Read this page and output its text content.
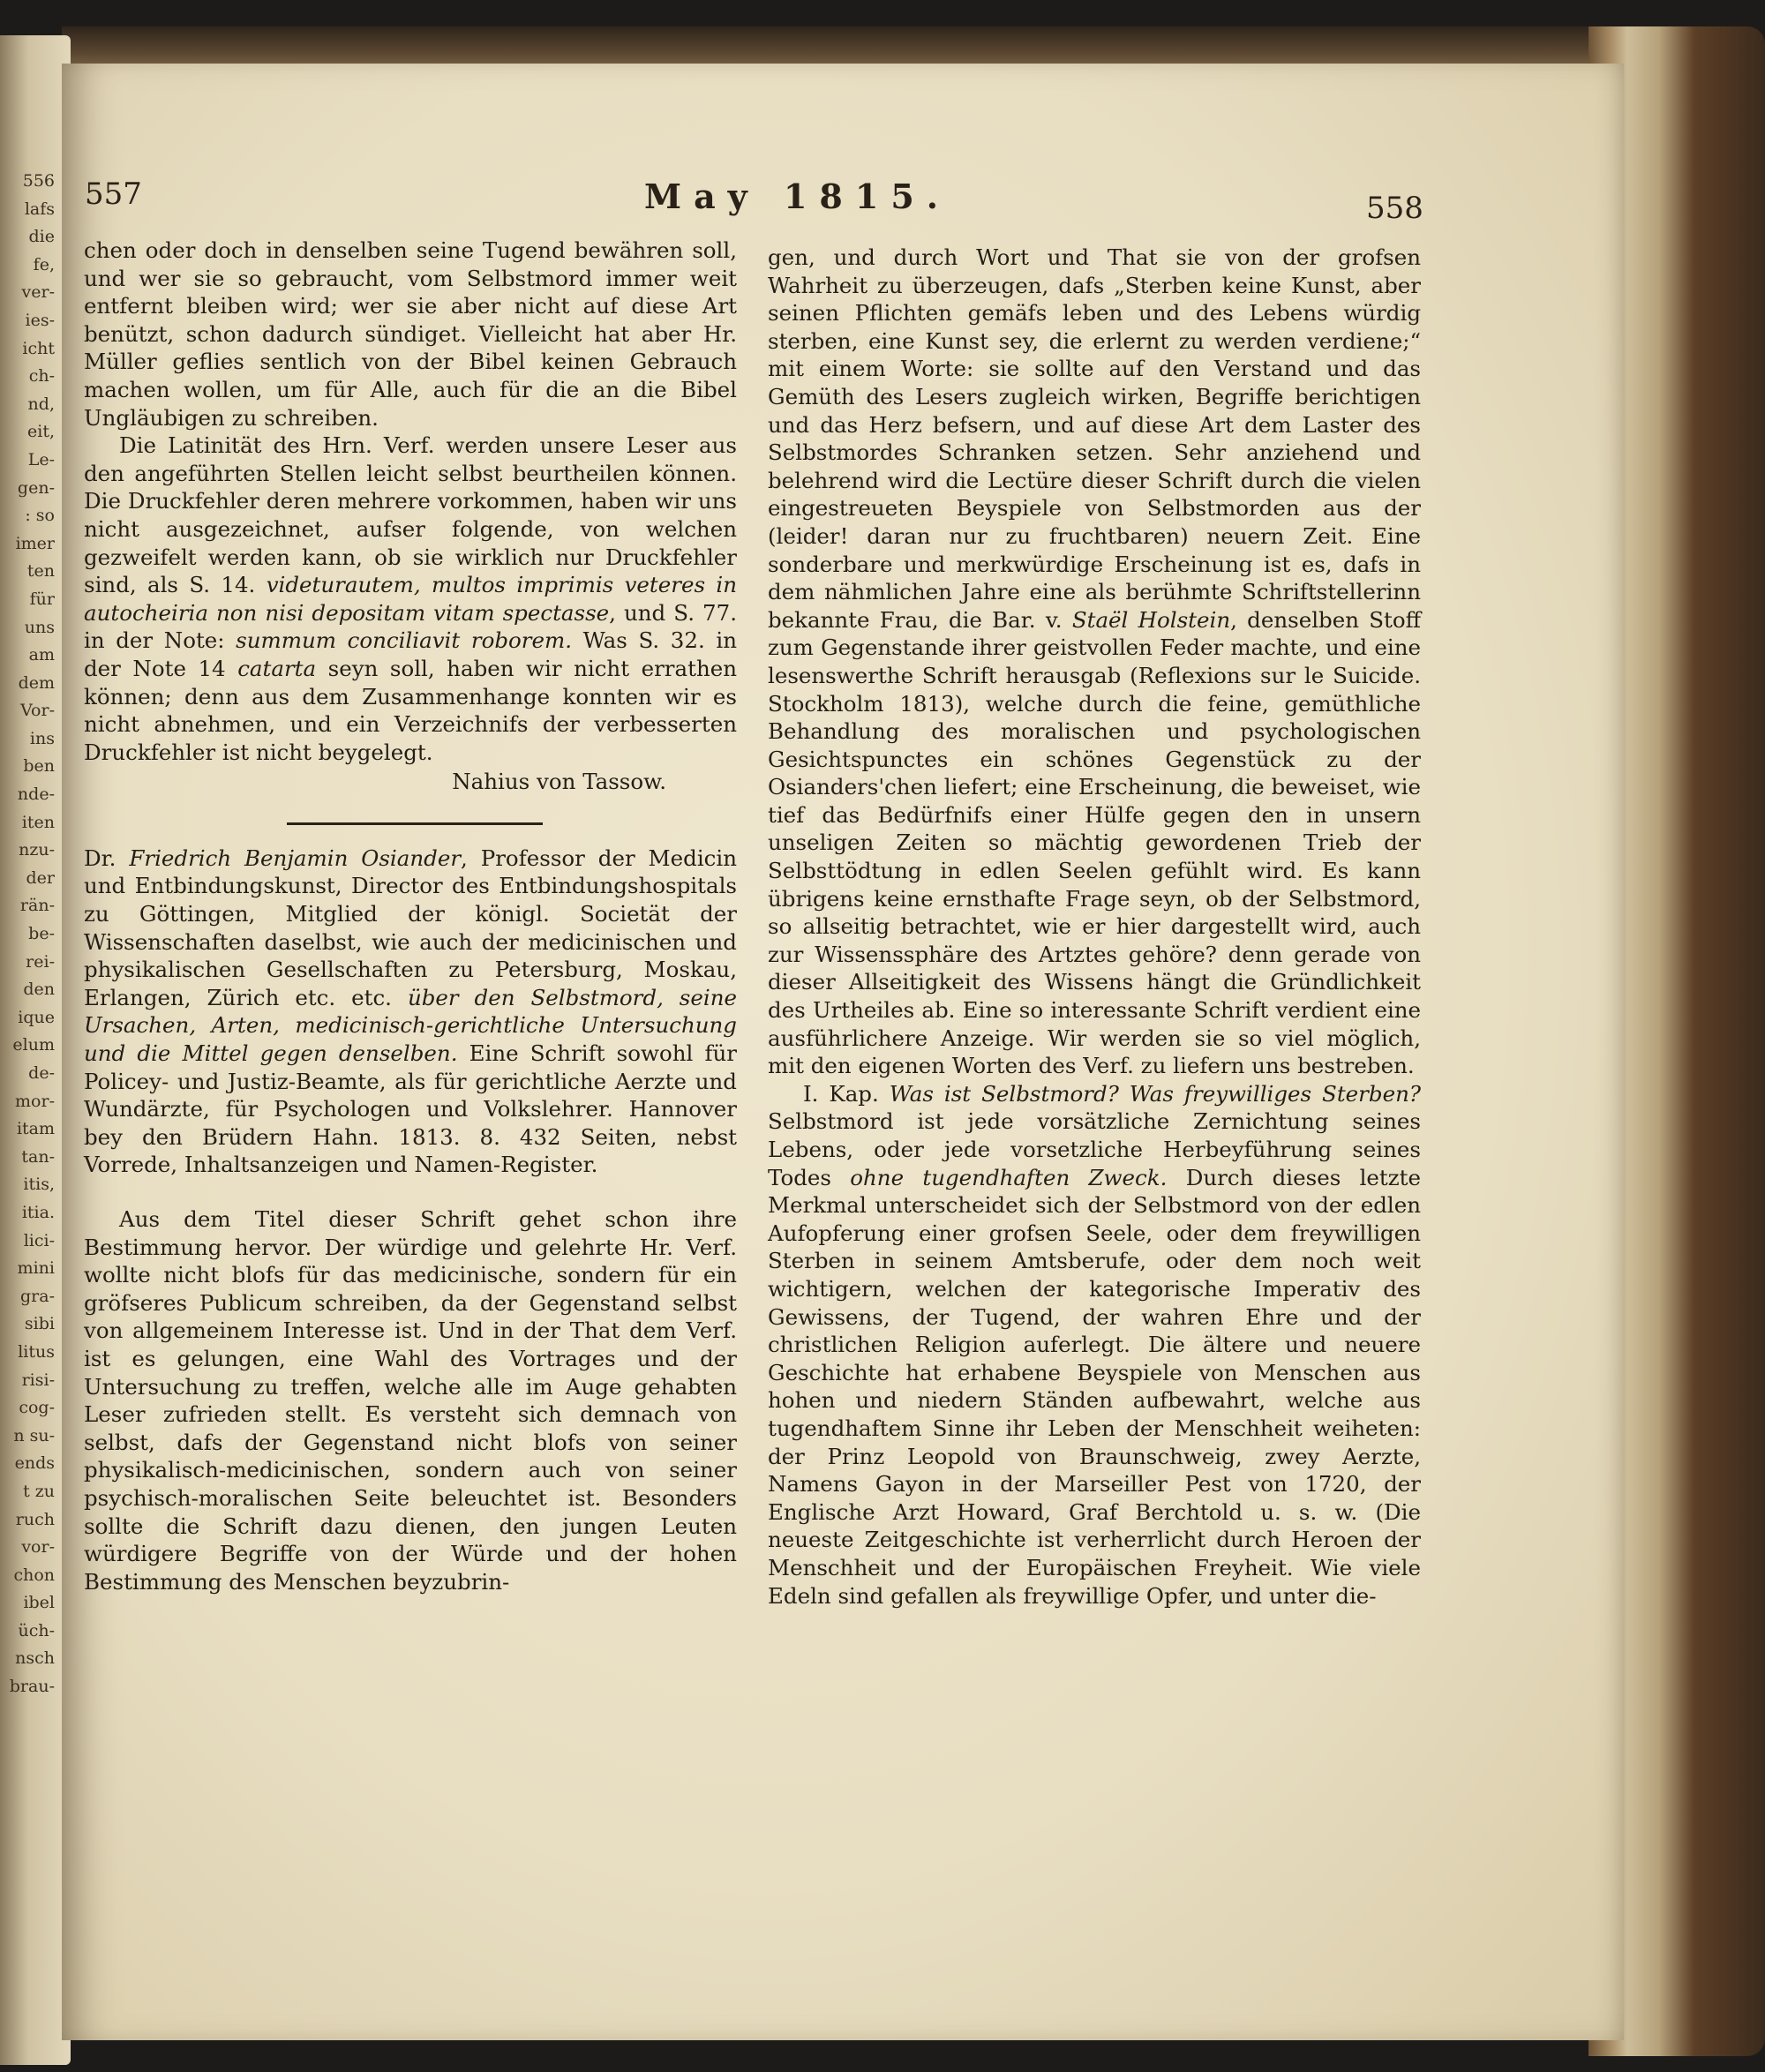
556
lafs
die
fe,
ver-
ies-
icht
ch-
nd,
eit,
Le-
gen-
: so
imer
ten
für
uns
am
dem
Vor-
ins
ben
nde-
iten
nzu-
der
rän-
be-
rei-
den
ique
elum
de-
mor-
itam
tan-
itis,
itia.
lici-
mini
gra-
sibi
litus
risi-
cog-
n su-
ends
t zu
ruch
vor-
chon
ibel
üch-
nsch
brau-
557	May 1815.	558

chen oder doch in denselben seine Tugend bewähren soll, und wer sie so gebraucht, vom Selbstmord immer weit entfernt bleiben wird; wer sie aber nicht auf diese Art benützt, schon dadurch sündiget. Vielleicht hat aber Hr. Müller geflies sentlich von der Bibel keinen Gebrauch machen wollen, um für Alle, auch für die an die Bibel Ungläubigen zu schreiben.

Die Latinität des Hrn. Verf. werden unsere Leser aus den angeführten Stellen leicht selbst beurtheilen können. Die Druckfehler deren mehrere vorkommen, haben wir uns nicht ausgezeichnet, aufser folgende, von welchen gezweifelt werden kann, ob sie wirklich nur Druckfehler sind, als S. 14. videturautem, multos imprimis veteres in autocheiria non nisi depositam vitam spectasse, und S. 77. in der Note: summum conciliavit roborem. Was S. 32. in der Note 14 catarta seyn soll, haben wir nicht errathen können; denn aus dem Zusammenhange konnten wir es nicht abnehmen, und ein Verzeichnifs der verbesserten Druckfehler ist nicht beygelegt.

Nahius von Tassow.

Dr. Friedrich Benjamin Osiander, Professor der Medicin und Entbindungskunst, Director des Entbindungshospitals zu Göttingen, Mitglied der königl. Societät der Wissenschaften daselbst, wie auch der medicinischen und physikalischen Gesellschaften zu Petersburg, Moskau, Erlangen, Zürich etc. etc. über den Selbstmord, seine Ursachen, Arten, medicinisch-gerichtliche Untersuchung und die Mittel gegen denselben. Eine Schrift sowohl für Policey- und Justiz-Beamte, als für gerichtliche Aerzte und Wundärzte, für Psychologen und Volkslehrer. Hannover bey den Brüdern Hahn. 1813. 8. 432 Seiten, nebst Vorrede, Inhaltsanzeigen und Namen-Register.

Aus dem Titel dieser Schrift gehet schon ihre Bestimmung hervor. Der würdige und gelehrte Hr. Verf. wollte nicht blofs für das medicinische, sondern für ein gröfseres Publicum schreiben, da der Gegenstand selbst von allgemeinem Interesse ist. Und in der That dem Verf. ist es gelungen, eine Wahl des Vortrages und der Untersuchung zu treffen, welche alle im Auge gehabten Leser zufrieden stellt. Es versteht sich demnach von selbst, dafs der Gegenstand nicht blofs von seiner physikalisch-medicinischen, sondern auch von seiner psychisch-moralischen Seite beleuchtet ist. Besonders sollte die Schrift dazu dienen, den jungen Leuten würdigere Begriffe von der Würde und der hohen Bestimmung des Menschen beyzubrin-

gen, und durch Wort und That sie von der grofsen Wahrheit zu überzeugen, dafs „Sterben keine Kunst, aber seinen Pflichten gemäfs leben und des Lebens würdig sterben, eine Kunst sey, die erlernt zu werden verdiene;“ mit einem Worte: sie sollte auf den Verstand und das Gemüth des Lesers zugleich wirken, Begriffe berichtigen und das Herz befsern, und auf diese Art dem Laster des Selbstmordes Schranken setzen. Sehr anziehend und belehrend wird die Lectüre dieser Schrift durch die vielen eingestreueten Beyspiele von Selbstmorden aus der (leider! daran nur zu fruchtbaren) neuern Zeit. Eine sonderbare und merkwürdige Erscheinung ist es, dafs in dem nähmlichen Jahre eine als berühmte Schriftstellerinn bekannte Frau, die Bar. v. Staël Holstein, denselben Stoff zum Gegenstande ihrer geistvollen Feder machte, und eine lesenswerthe Schrift herausgab (Reflexions sur le Suicide. Stockholm 1813), welche durch die feine, gemüthliche Behandlung des moralischen und psychologischen Gesichtspunctes ein schönes Gegenstück zu der Osianders'chen liefert; eine Erscheinung, die beweiset, wie tief das Bedürfnifs einer Hülfe gegen den in unsern unseligen Zeiten so mächtig gewordenen Trieb der Selbsttödtung in edlen Seelen gefühlt wird. Es kann übrigens keine ernsthafte Frage seyn, ob der Selbstmord, so allseitig betrachtet, wie er hier dargestellt wird, auch zur Wissenssphäre des Artztes gehöre? denn gerade von dieser Allseitigkeit des Wissens hängt die Gründlichkeit des Urtheiles ab. Eine so interessante Schrift verdient eine ausführlichere Anzeige. Wir werden sie so viel möglich, mit den eigenen Worten des Verf. zu liefern uns bestreben.

I. Kap. Was ist Selbstmord? Was freywilliges Sterben? Selbstmord ist jede vorsätzliche Zernichtung seines Lebens, oder jede vorsetzliche Herbeyführung seines Todes ohne tugendhaften Zweck. Durch dieses letzte Merkmal unterscheidet sich der Selbstmord von der edlen Aufopferung einer grofsen Seele, oder dem freywilligen Sterben in seinem Amtsberufe, oder dem noch weit wichtigern, welchen der kategorische Imperativ des Gewissens, der Tugend, der wahren Ehre und der christlichen Religion auferlegt. Die ältere und neuere Geschichte hat erhabene Beyspiele von Menschen aus hohen und niedern Ständen aufbewahrt, welche aus tugendhaftem Sinne ihr Leben der Menschheit weiheten: der Prinz Leopold von Braunschweig, zwey Aerzte, Namens Gayon in der Marseiller Pest von 1720, der Englische Arzt Howard, Graf Berchtold u. s. w. (Die neueste Zeitgeschichte ist verherrlicht durch Heroen der Menschheit und der Europäischen Freyheit. Wie viele Edeln sind gefallen als freywillige Opfer, und unter die-
